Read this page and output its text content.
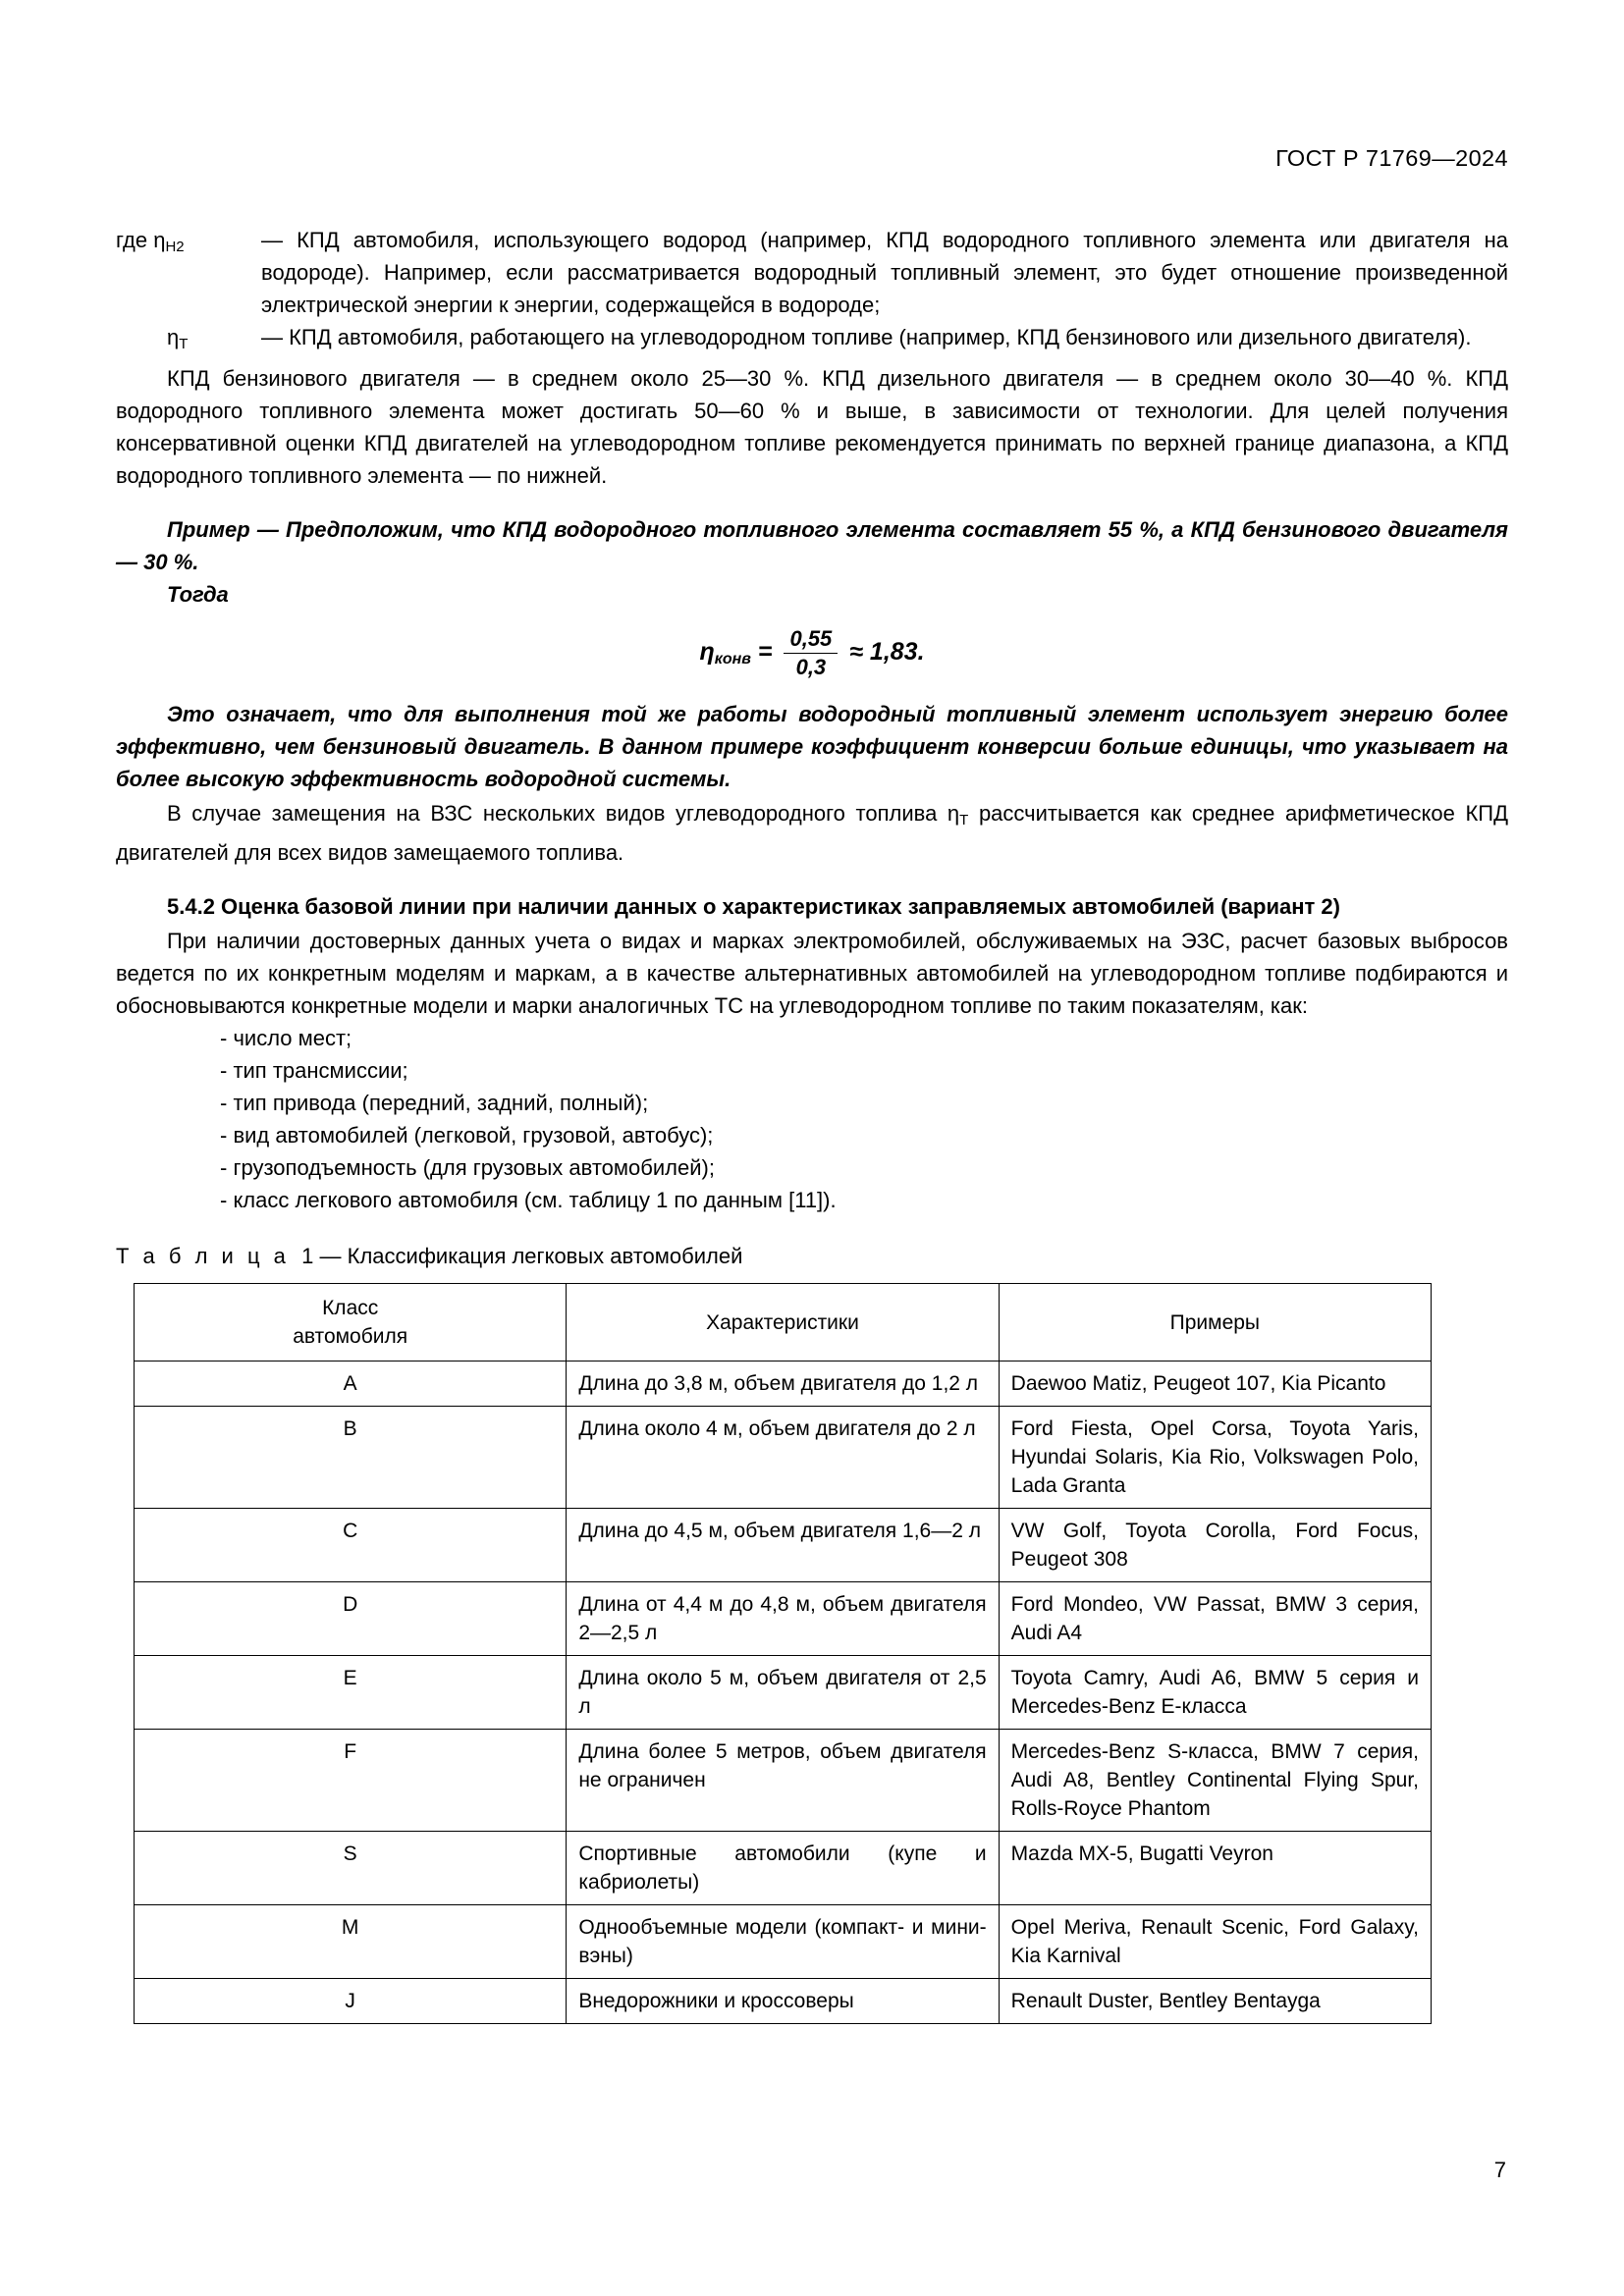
ГОСТ Р 71769—2024
где $\eta_{H2}$	— КПД автомобиля, использующего водород (например, КПД водородного топливного элемента или двигателя на водороде). Например, если рассматривается водородный топливный элемент, это будет отношение произведенной электрической энергии к энергии, содержащейся в водороде;
$\eta_Т$	— КПД автомобиля, работающего на углеводородном топливе (например, КПД бензинового или дизельного двигателя).

КПД бензинового двигателя — в среднем около 25—30 %. КПД дизельного двигателя — в среднем около 30—40 %. КПД водородного топливного элемента может достигать 50—60 % и выше, в зависимости от технологии. Для целей получения консервативной оценки КПД двигателей на углеводородном топливе рекомендуется принимать по верхней границе диапазона, а КПД водородного топливного элемента — по нижней.

Пример — Предположим, что КПД водородного топливного элемента составляет 55 %, а КПД бензинового двигателя — 30 %.

Тогда

$\eta_{конв} = \frac{0,55}{0,3} \approx 1,83$.

Это означает, что для выполнения той же работы водородный топливный элемент использует энергию более эффективно, чем бензиновый двигатель. В данном примере коэффициент конверсии больше единицы, что указывает на более высокую эффективность водородной системы.

В случае замещения на ВЗС нескольких видов углеводородного топлива $\eta_Т$ рассчитывается как среднее арифметическое КПД двигателей для всех видов замещаемого топлива.

5.4.2 Оценка базовой линии при наличии данных о характеристиках заправляемых автомобилей (вариант 2)

При наличии достоверных данных учета о видах и марках электромобилей, обслуживаемых на ЭЗС, расчет базовых выбросов ведется по их конкретным моделям и маркам, а в качестве альтернативных автомобилей на углеводородном топливе подбираются и обосновываются конкретные модели и марки аналогичных ТС на углеводородном топливе по таким показателям, как:

- число мест;
- тип трансмиссии;
- тип привода (передний, задний, полный);
- вид автомобилей (легковой, грузовой, автобус);
- грузоподъемность (для грузовых автомобилей);
- класс легкового автомобиля (см. таблицу 1 по данным [11]).
Т а б л и ц а 1 — Классификация легковых автомобилей
Класс
автомобиля	Характеристики	Примеры
A	Длина до 3,8 м, объем двигателя до 1,2 л	Daewoo Matiz, Peugeot 107, Kia Picanto
B	Длина около 4 м, объем двигателя до 2 л	Ford Fiesta, Opel Corsa, Toyota Yaris, Hyundai Solaris, Kia Rio, Volkswagen Polo, Lada Granta
C	Длина до 4,5 м, объем двигателя 1,6—2 л	VW Golf, Toyota Corolla, Ford Focus, Peugeot 308
D	Длина от 4,4 м до 4,8 м, объем двигателя 2—2,5 л	Ford Mondeo, VW Passat, BMW 3 серия, Audi A4
E	Длина около 5 м, объем двигателя от 2,5 л	Toyota Camry, Audi A6, BMW 5 серия и Mercedes-Benz E-класса
F	Длина более 5 метров, объем двигателя не ограничен	Mercedes-Benz S-класса, BMW 7 серия, Audi A8, Bentley Continental Flying Spur, Rolls-Royce Phantom
S	Спортивные автомобили (купе и кабриолеты)	Mazda MX-5, Bugatti Veyron
M	Однообъемные модели (компакт- и мини-вэны)	Opel Meriva, Renault Scenic, Ford Galaxy, Kia Karnival
J	Внедорожники и кроссоверы	Renault Duster, Bentley Bentayga
7
